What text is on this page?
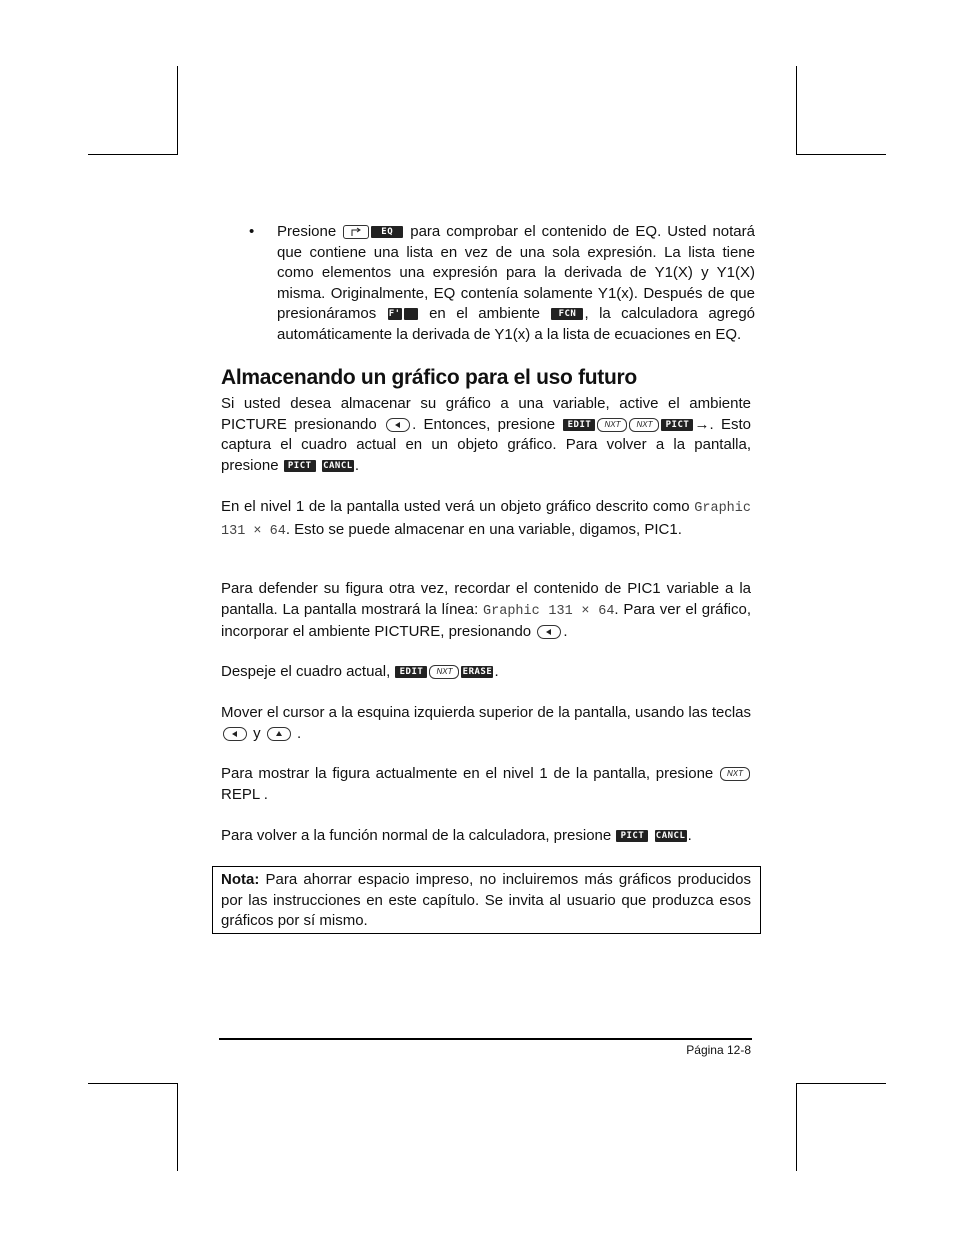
• Presione	EQ para comprobar el contenido de EQ. Usted notará que contiene una lista en vez de una sola expresión. La lista tiene como elementos una expresión para la derivada de Y1(X) y Y1(X) misma. Originalmente, EQ contenía solamente Y1(x). Después de que presionáramos F' en el ambiente FCN , la calculadora agregó automáticamente la derivada de Y1(x) a la lista de ecuaciones en EQ.
Almacenando un gráfico para el uso futuro
Si usted desea almacenar su gráfico a una variable, active el ambiente PICTURE presionando . Entonces, presione EDIT NXT NXT PICT →. Esto captura el cuadro actual en un objeto gráfico. Para volver a la pantalla, presione PICT CANCL .
En el nivel 1 de la pantalla usted verá un objeto gráfico descrito como Graphic 131 × 64. Esto se puede almacenar en una variable, digamos, PIC1.
Para defender su figura otra vez, recordar el contenido de PIC1 variable a la pantalla. La pantalla mostrará la línea: Graphic 131 × 64. Para ver el gráfico, incorporar el ambiente PICTURE, presionando .
Despeje el cuadro actual, EDIT NXT ERASE .
Mover el cursor a la esquina izquierda superior de la pantalla, usando las teclas
y .
Para mostrar la figura actualmente en el nivel 1 de la pantalla, presione NXT REPL .
Para volver a la función normal de la calculadora, presione PICT CANCL .
Nota: Para ahorrar espacio impreso, no incluiremos más gráficos producidos por las instrucciones en este capítulo. Se invita al usuario que produzca esos gráficos por sí mismo.
Página 12-8
